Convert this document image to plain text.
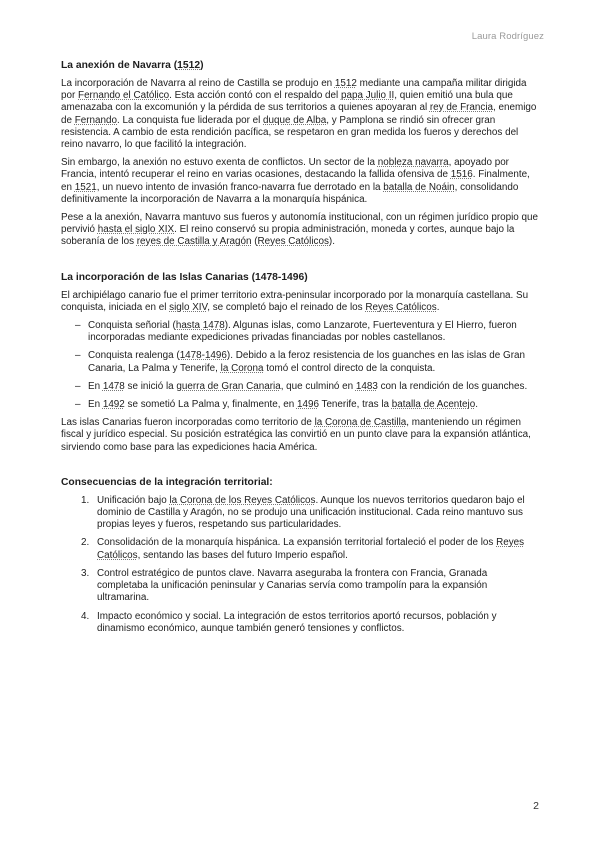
Laura Rodríguez
La anexión de Navarra (1512)

La incorporación de Navarra al reino de Castilla se produjo en 1512 mediante una campaña militar dirigida por Fernando el Católico. Esta acción contó con el respaldo del papa Julio II, quien emitió una bula que amenazaba con la excomunión y la pérdida de sus territorios a quienes apoyaran al rey de Francia, enemigo de Fernando. La conquista fue liderada por el duque de Alba, y Pamplona se rindió sin ofrecer gran resistencia. A cambio de esta rendición pacífica, se respetaron en gran medida los fueros y derechos del reino navarro, lo que facilitó la integración.

Sin embargo, la anexión no estuvo exenta de conflictos. Un sector de la nobleza navarra, apoyado por Francia, intentó recuperar el reino en varias ocasiones, destacando la fallida ofensiva de 1516. Finalmente, en 1521, un nuevo intento de invasión franco-navarra fue derrotado en la batalla de Noáin, consolidando definitivamente la incorporación de Navarra a la monarquía hispánica.

Pese a la anexión, Navarra mantuvo sus fueros y autonomía institucional, con un régimen jurídico propio que pervivió hasta el siglo XIX. El reino conservó su propia administración, moneda y cortes, aunque bajo la soberanía de los reyes de Castilla y Aragón (Reyes Católicos).

La incorporación de las Islas Canarias (1478-1496)

El archipiélago canario fue el primer territorio extra-peninsular incorporado por la monarquía castellana. Su conquista, iniciada en el siglo XIV, se completó bajo el reinado de los Reyes Católicos.

– Conquista señorial (hasta 1478). Algunas islas, como Lanzarote, Fuerteventura y El Hierro, fueron incorporadas mediante expediciones privadas financiadas por nobles castellanos.
– Conquista realenga (1478-1496). Debido a la feroz resistencia de los guanches en las islas de Gran Canaria, La Palma y Tenerife, la Corona tomó el control directo de la conquista.
– En 1478 se inició la guerra de Gran Canaria, que culminó en 1483 con la rendición de los guanches.
– En 1492 se sometió La Palma y, finalmente, en 1496 Tenerife, tras la batalla de Acentejo.

Las islas Canarias fueron incorporadas como territorio de la Corona de Castilla, manteniendo un régimen fiscal y jurídico especial. Su posición estratégica las convirtió en un punto clave para la expansión atlántica, sirviendo como base para las expediciones hacia América.

Consecuencias de la integración territorial:
1. Unificación bajo la Corona de los Reyes Católicos. Aunque los nuevos territorios quedaron bajo el dominio de Castilla y Aragón, no se produjo una unificación institucional. Cada reino mantuvo sus propias leyes y fueros, respetando sus particularidades.
2. Consolidación de la monarquía hispánica. La expansión territorial fortaleció el poder de los Reyes Católicos, sentando las bases del futuro Imperio español.
3. Control estratégico de puntos clave. Navarra aseguraba la frontera con Francia, Granada completaba la unificación peninsular y Canarias servía como trampolín para la expansión ultramarina.
4. Impacto económico y social. La integración de estos territorios aportó recursos, población y dinamismo económico, aunque también generó tensiones y conflictos.
2
